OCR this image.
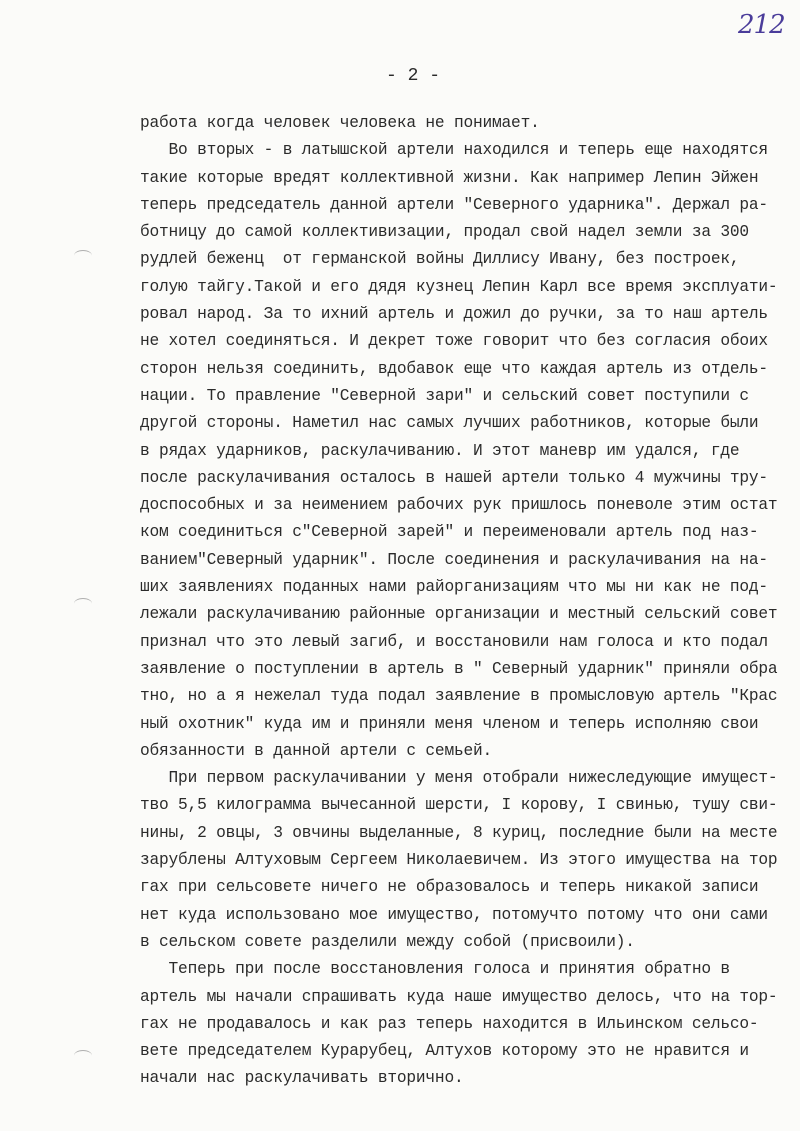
212
- 2 -
работа когда человек человека не понимает.
Во вторых - в латышской артели находился и теперь еще находятся
такие которые вредят коллективной жизни. Как например Лепин Эйжен
теперь председатель данной артели "Северного ударника". Держал ра-
ботницу до самой коллективизации, продал свой надел земли за 300
рудлей беженц  от германской войны Диллису Ивану, без построек,
голую тайгу.Такой и его дядя кузнец Лепин Карл все время эксплуати-
ровал народ. За то ихний артель и дожил до ручки, за то наш артель
не хотел соединяться. И декрет тоже говорит что без согласия обоих
сторон нельзя соединить, вдобавок еще что каждая артель из отдель-
нации. То правление "Северной зари" и сельский совет поступили с
другой стороны. Наметил нас самых лучших работников, которые были
в рядах ударников, раскулачиванию. И этот маневр им удался, где
после раскулачивания осталось в нашей артели только 4 мужчины тру-
доспособных и за неимением рабочих рук пришлось поневоле этим остат
ком соединиться с"Северной зарей" и переименовали артель под наз-
ванием"Северный ударник". После соединения и раскулачивания на на-
ших заявлениях поданных нами райорганизациям что мы ни как не под-
лежали раскулачиванию районные организации и местный сельский совет
признал что это левый загиб, и восстановили нам голоса и кто подал
заявление о поступлении в артель в " Северный ударник" приняли обра
тно, но а я нежелал туда подал заявление в промысловую артель "Крас
ный охотник" куда им и приняли меня членом и теперь исполняю свои
обязанности в данной артели с семьей.
При первом раскулачивании у меня отобрали нижеследующие имущест-
тво 5,5 килограмма вычесанной шерсти, I корову, I свинью, тушу сви-
нины, 2 овцы, 3 овчины выделанные, 8 куриц, последние были на месте
зарублены Алтуховым Сергеем Николаевичем. Из этого имущества на тор
гах при сельсовете ничего не образовалось и теперь никакой записи
нет куда использовано мое имущество, потомучто потому что они сами
в сельском совете разделили между собой (присвоили).
Теперь при после восстановления голоса и принятия обратно в
артель мы начали спрашивать куда наше имущество делось, что на тор-
гах не продавалось и как раз теперь находится в Ильинском сельсо-
вете председателем Курарубец, Алтухов которому это не нравится и
начали нас раскулачивать вторично.
